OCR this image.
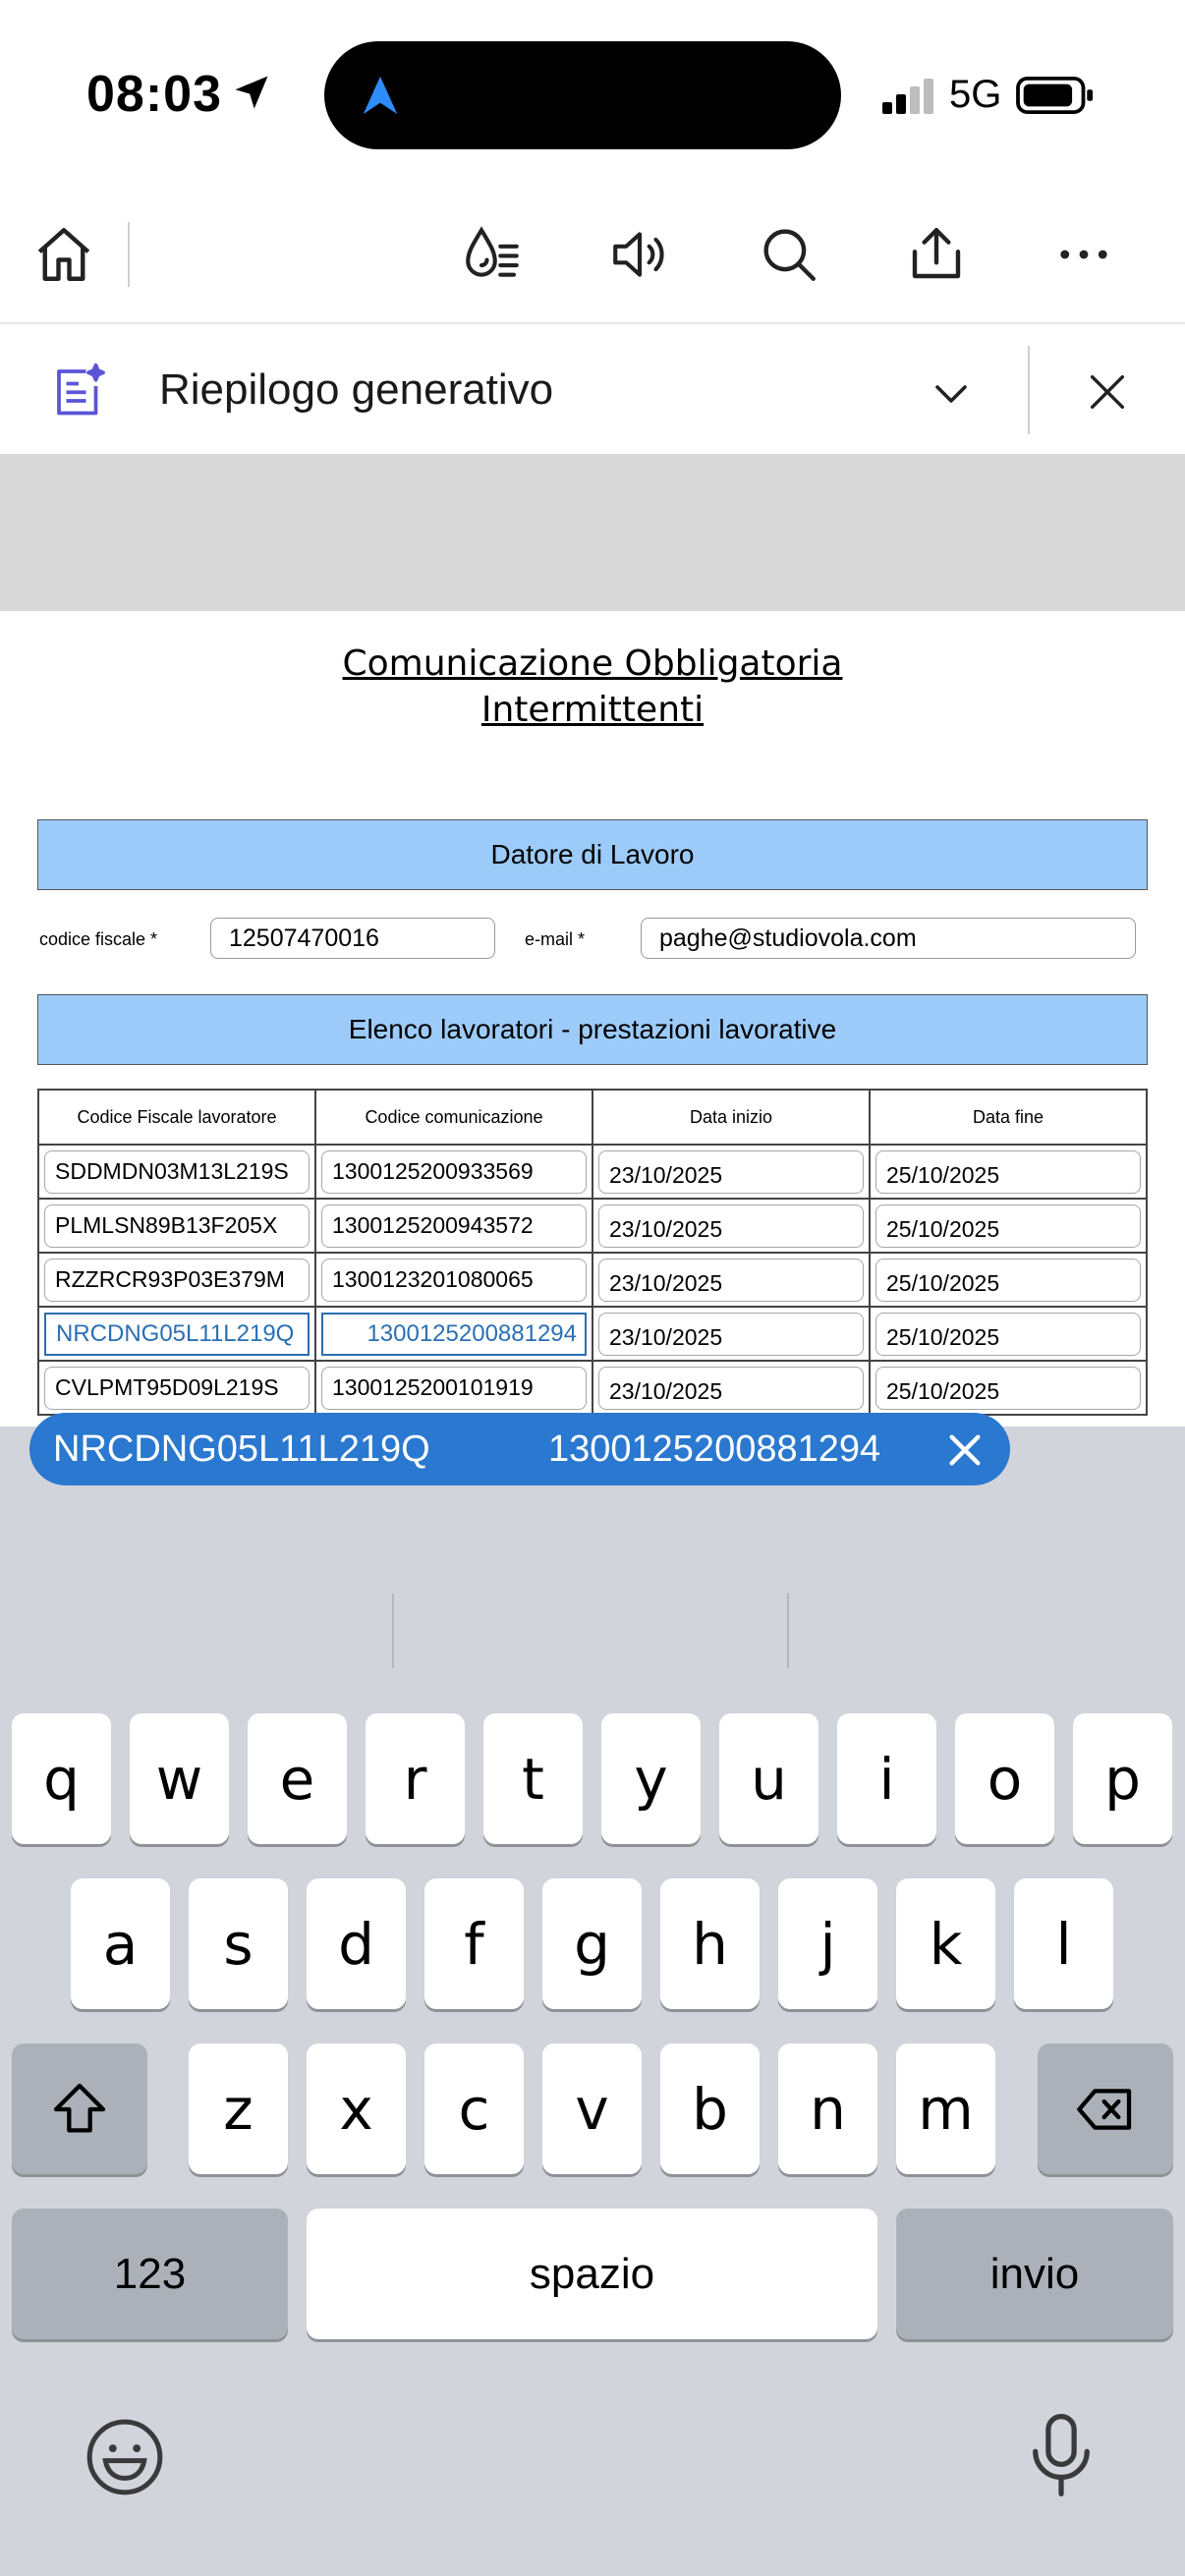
08:03	5G
Riepilogo generativo
Comunicazione Obbligatoria
Intermittenti
Datore di Lavoro
codice fiscale *	12507470016	e-mail *	paghe@studiovola.com
Elenco lavoratori - prestazioni lavorative
Codice Fiscale lavoratore	Codice comunicazione	Data inizio	Data fine

SDDMDN03M13L219S	1300125200933569	23/10/2025	25/10/2025

PLMLSN89B13F205X	1300125200943572	23/10/2025	25/10/2025

RZZRCR93P03E379M	1300123201080065	23/10/2025	25/10/2025

NRCDNG05L11L219Q	1300125200881294	23/10/2025	25/10/2025

CVLPMT95D09L219S	1300125200101919	23/10/2025	25/10/2025
NRCDNG05L11L219Q	1300125200881294
q	w	e	r	t	y	u	i	o	p
a	s	d	f	g	h	j	k	l
z	x	c	v	b	n	m
123	spazio	invio
